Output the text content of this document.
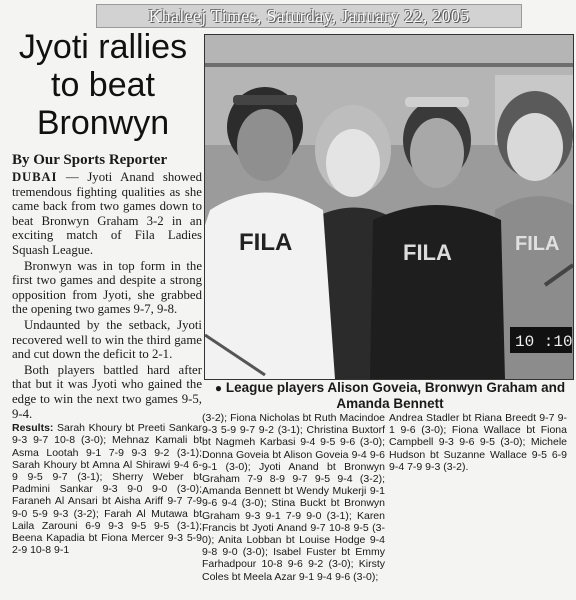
Khaleej Times, Saturday, January 22, 2005
Jyoti rallies to beat Bronwyn
By Our Sports Reporter

DUBAI — Jyoti Anand showed tremendous fighting qualities as she came back from two games down to beat Bronwyn Graham 3-2 in an exciting match of Fila Ladies Squash League.

Bronwyn was in top form in the first two games and despite a strong opposition from Jyoti, she grabbed the opening two games 9-7, 9-8.

Undaunted by the setback, Jyoti recovered well to win the third game and cut down the deficit to 2-1.

Both players battled hard after that but it was Jyoti who gained the edge to win the next two games 9-5, 9-4.

Results: Sarah Khoury bt Preeti Sankar 9-3 9-7 10-8 (3-0); Mehnaz Kamali bt Asma Lootah 9-1 7-9 9-3 9-2 (3-1); Sarah Khoury bt Amna Al Shirawi 9-4 6-9 9-5 9-7 (3-1); Sherry Weber bt Padmini Sankar 9-3 9-0 9-0 (3-0); Faraneh Al Ansari bt Aisha Ariff 9-7 7-9 9-0 5-9 9-3 (3-2); Farah Al Mutawa bt Laila Zarouni 6-9 9-3 9-5 9-5 (3-1); Beena Kapadia bt Fiona Mercer 9-3 5-9 2-9 10-8 9-1
(3-2); Fiona Nicholas bt Ruth Macindoe 9-3 5-9 9-7 9-2 (3-1); Christina Buxtorf bt Nagmeh Karbasi 9-4 9-5 9-6 (3-0); Donna Goveia bt Alison Goveia 9-4 9-6 9-1 (3-0); Jyoti Anand bt Bronwyn Graham 7-9 8-9 9-7 9-5 9-4 (3-2); Amanda Bennett bt Wendy Mukerji 9-1 9-6 9-4 (3-0); Stina Buckt bt Bronwyn Graham 9-3 9-1 7-9 9-0 (3-1); Karen Francis bt Jyoti Anand 9-7 10-8 9-5 (3-0); Anita Lobban bt Louise Hodge 9-4 9-8 9-0 (3-0); Isabel Fuster bt Emmy Farhadpour 10-8 9-6 9-2 (3-0); Kirsty Coles bt Meela Azar 9-1 9-4 9-6 (3-0);
Andrea Stadler bt Riana Breedt 9-7 9-1 9-6 (3-0); Fiona Wallace bt Fiona Campbell 9-3 9-6 9-5 (3-0); Michele Hudson bt Suzanne Wallace 9-5 6-9 9-4 7-9 9-3 (3-2).
FILA	FILA	FILA
10 :10
● League players Alison Goveia, Bronwyn Graham and Amanda Bennett
